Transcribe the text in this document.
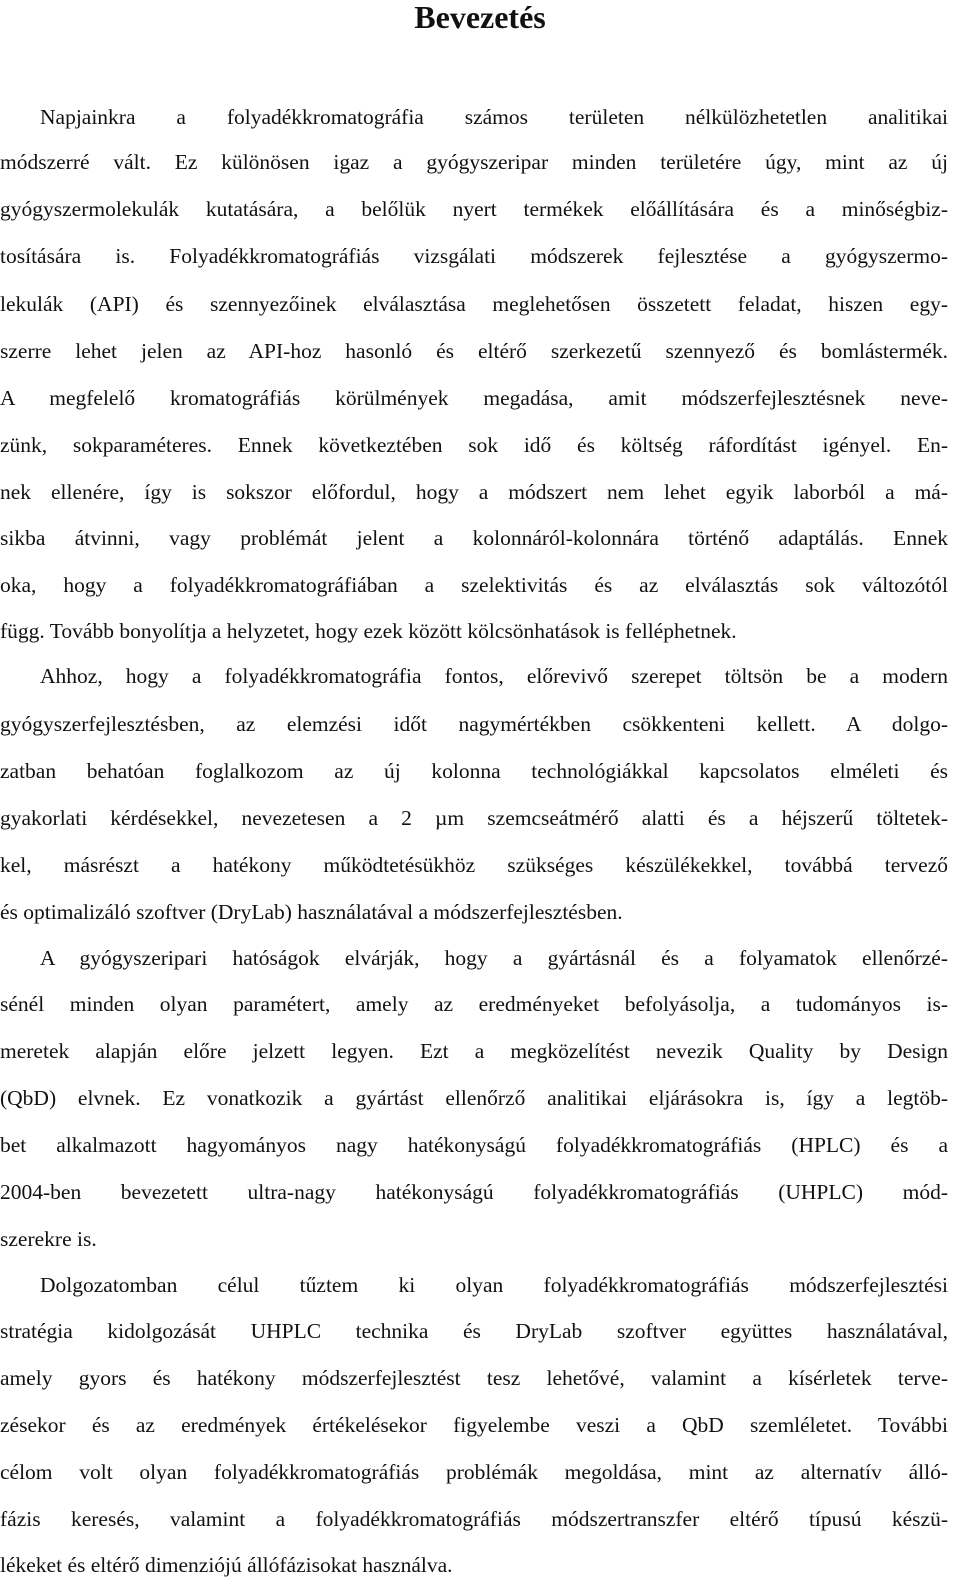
Bevezetés

Napjainkra a folyadékkromatográfia számos területen nélkülözhetetlen analitikai

módszerré vált. Ez különösen igaz a gyógyszeripar minden területére úgy, mint az új

gyógyszermolekulák kutatására, a belőlük nyert termékek előállítására és a minőségbiz-

tosítására is. Folyadékkromatográfiás vizsgálati módszerek fejlesztése a gyógyszermo-

lekulák (API) és szennyezőinek elválasztása meglehetősen összetett feladat, hiszen egy-

szerre lehet jelen az API-hoz hasonló és eltérő szerkezetű szennyező és bomlástermék.

A megfelelő kromatográfiás körülmények megadása, amit módszerfejlesztésnek neve-

zünk, sokparaméteres. Ennek következtében sok idő és költség ráfordítást igényel. En-

nek ellenére, így is sokszor előfordul, hogy a módszert nem lehet egyik laborból a má-

sikba átvinni, vagy problémát jelent a kolonnáról-kolonnára történő adaptálás. Ennek

oka, hogy a folyadékkromatográfiában a szelektivitás és az elválasztás sok változótól

függ. Tovább bonyolítja a helyzetet, hogy ezek között kölcsönhatások is felléphetnek.

Ahhoz, hogy a folyadékkromatográfia fontos, előrevivő szerepet töltsön be a modern

gyógyszerfejlesztésben, az elemzési időt nagymértékben csökkenteni kellett. A dolgo-

zatban behatóan foglalkozom az új kolonna technológiákkal kapcsolatos elméleti és

gyakorlati kérdésekkel, nevezetesen a 2 µm szemcseátmérő alatti és a héjszerű töltetek-

kel, másrészt a hatékony működtetésükhöz szükséges készülékekkel, továbbá tervező

és optimalizáló szoftver (DryLab) használatával a módszerfejlesztésben.

A gyógyszeripari hatóságok elvárják, hogy a gyártásnál és a folyamatok ellenőrzé-

sénél minden olyan paramétert, amely az eredményeket befolyásolja, a tudományos is-

meretek alapján előre jelzett legyen. Ezt a megközelítést nevezik Quality by Design

(QbD) elvnek. Ez vonatkozik a gyártást ellenőrző analitikai eljárásokra is, így a legtöb-

bet alkalmazott hagyományos nagy hatékonyságú folyadékkromatográfiás (HPLC) és a

2004-ben bevezetett ultra-nagy hatékonyságú folyadékkromatográfiás (UHPLC) mód-

szerekre is.

Dolgozatomban célul tűztem ki olyan folyadékkromatográfiás módszerfejlesztési

stratégia kidolgozását UHPLC technika és DryLab szoftver együttes használatával,

amely gyors és hatékony módszerfejlesztést tesz lehetővé, valamint a kísérletek terve-

zésekor és az eredmények értékelésekor figyelembe veszi a QbD szemléletet. További

célom volt olyan folyadékkromatográfiás problémák megoldása, mint az alternatív álló-

fázis keresés, valamint a folyadékkromatográfiás módszertranszfer eltérő típusú készü-

lékeket és eltérő dimenziójú állófázisokat használva.
